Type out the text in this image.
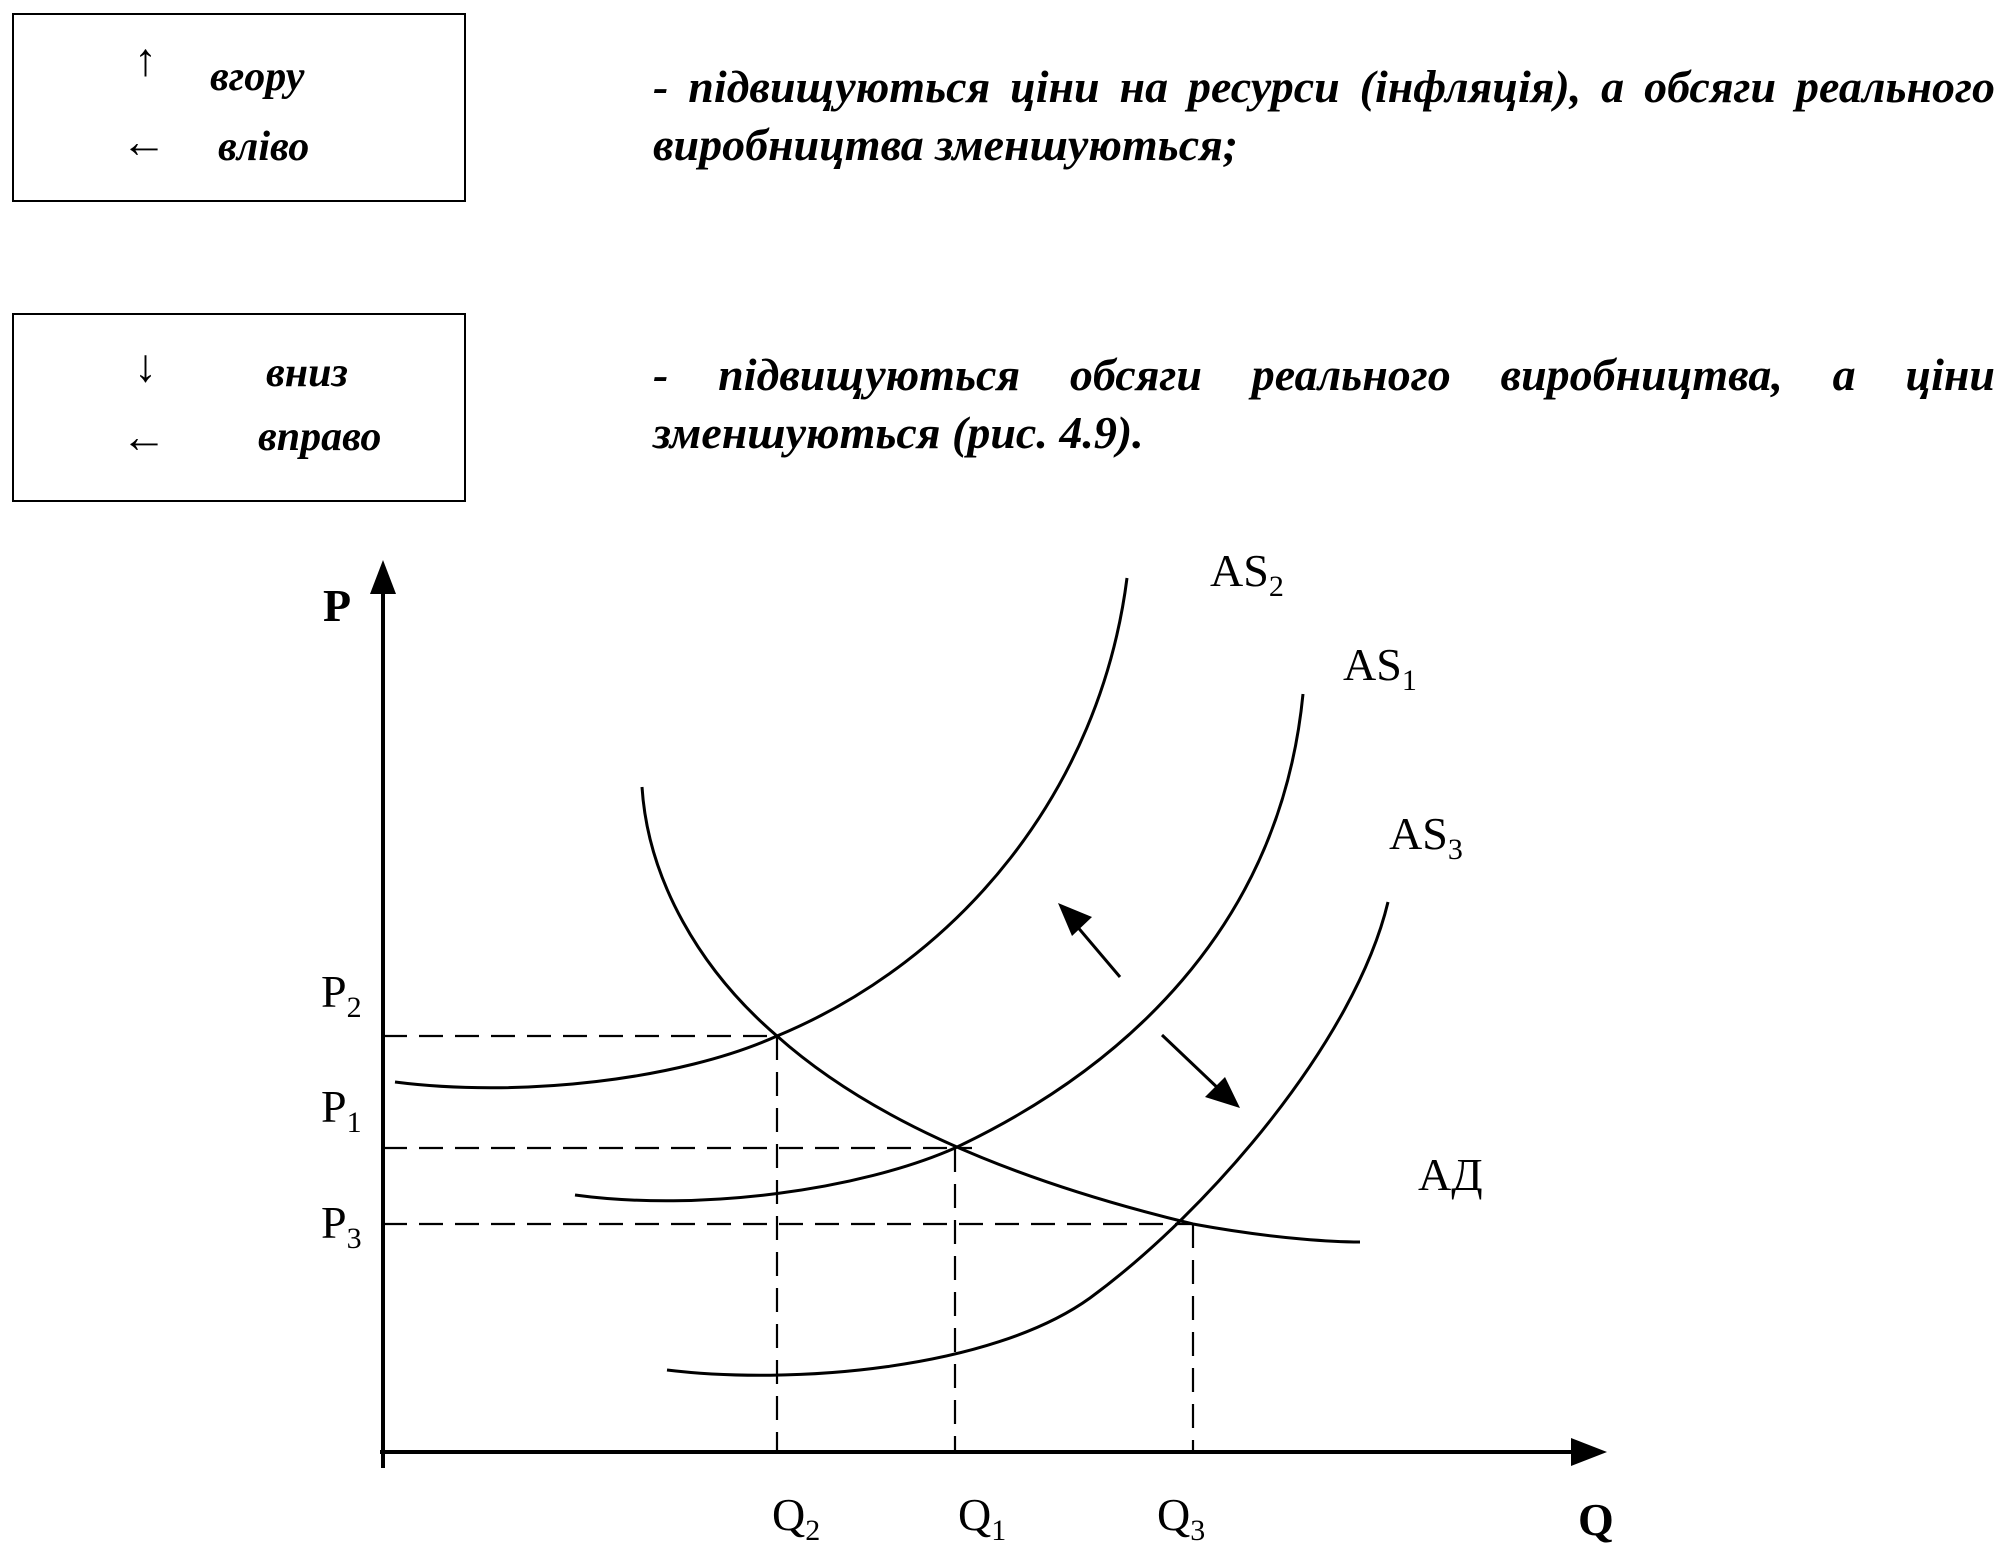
↑ вгору
← вліво
↓	вниз
← вправо
- підвищуються ціни на ресурси (інфляція), а обсяги реального виробництва зменшуються;
- підвищуються обсяги реального виробництва, а ціни зменшуються (рис. 4.9).
P
Q
$P_2$
$P_1$
$P_3$
$Q_2$	$Q_1$	$Q_3$
$AS_2$
$AS_1$
$AS_3$
АД
